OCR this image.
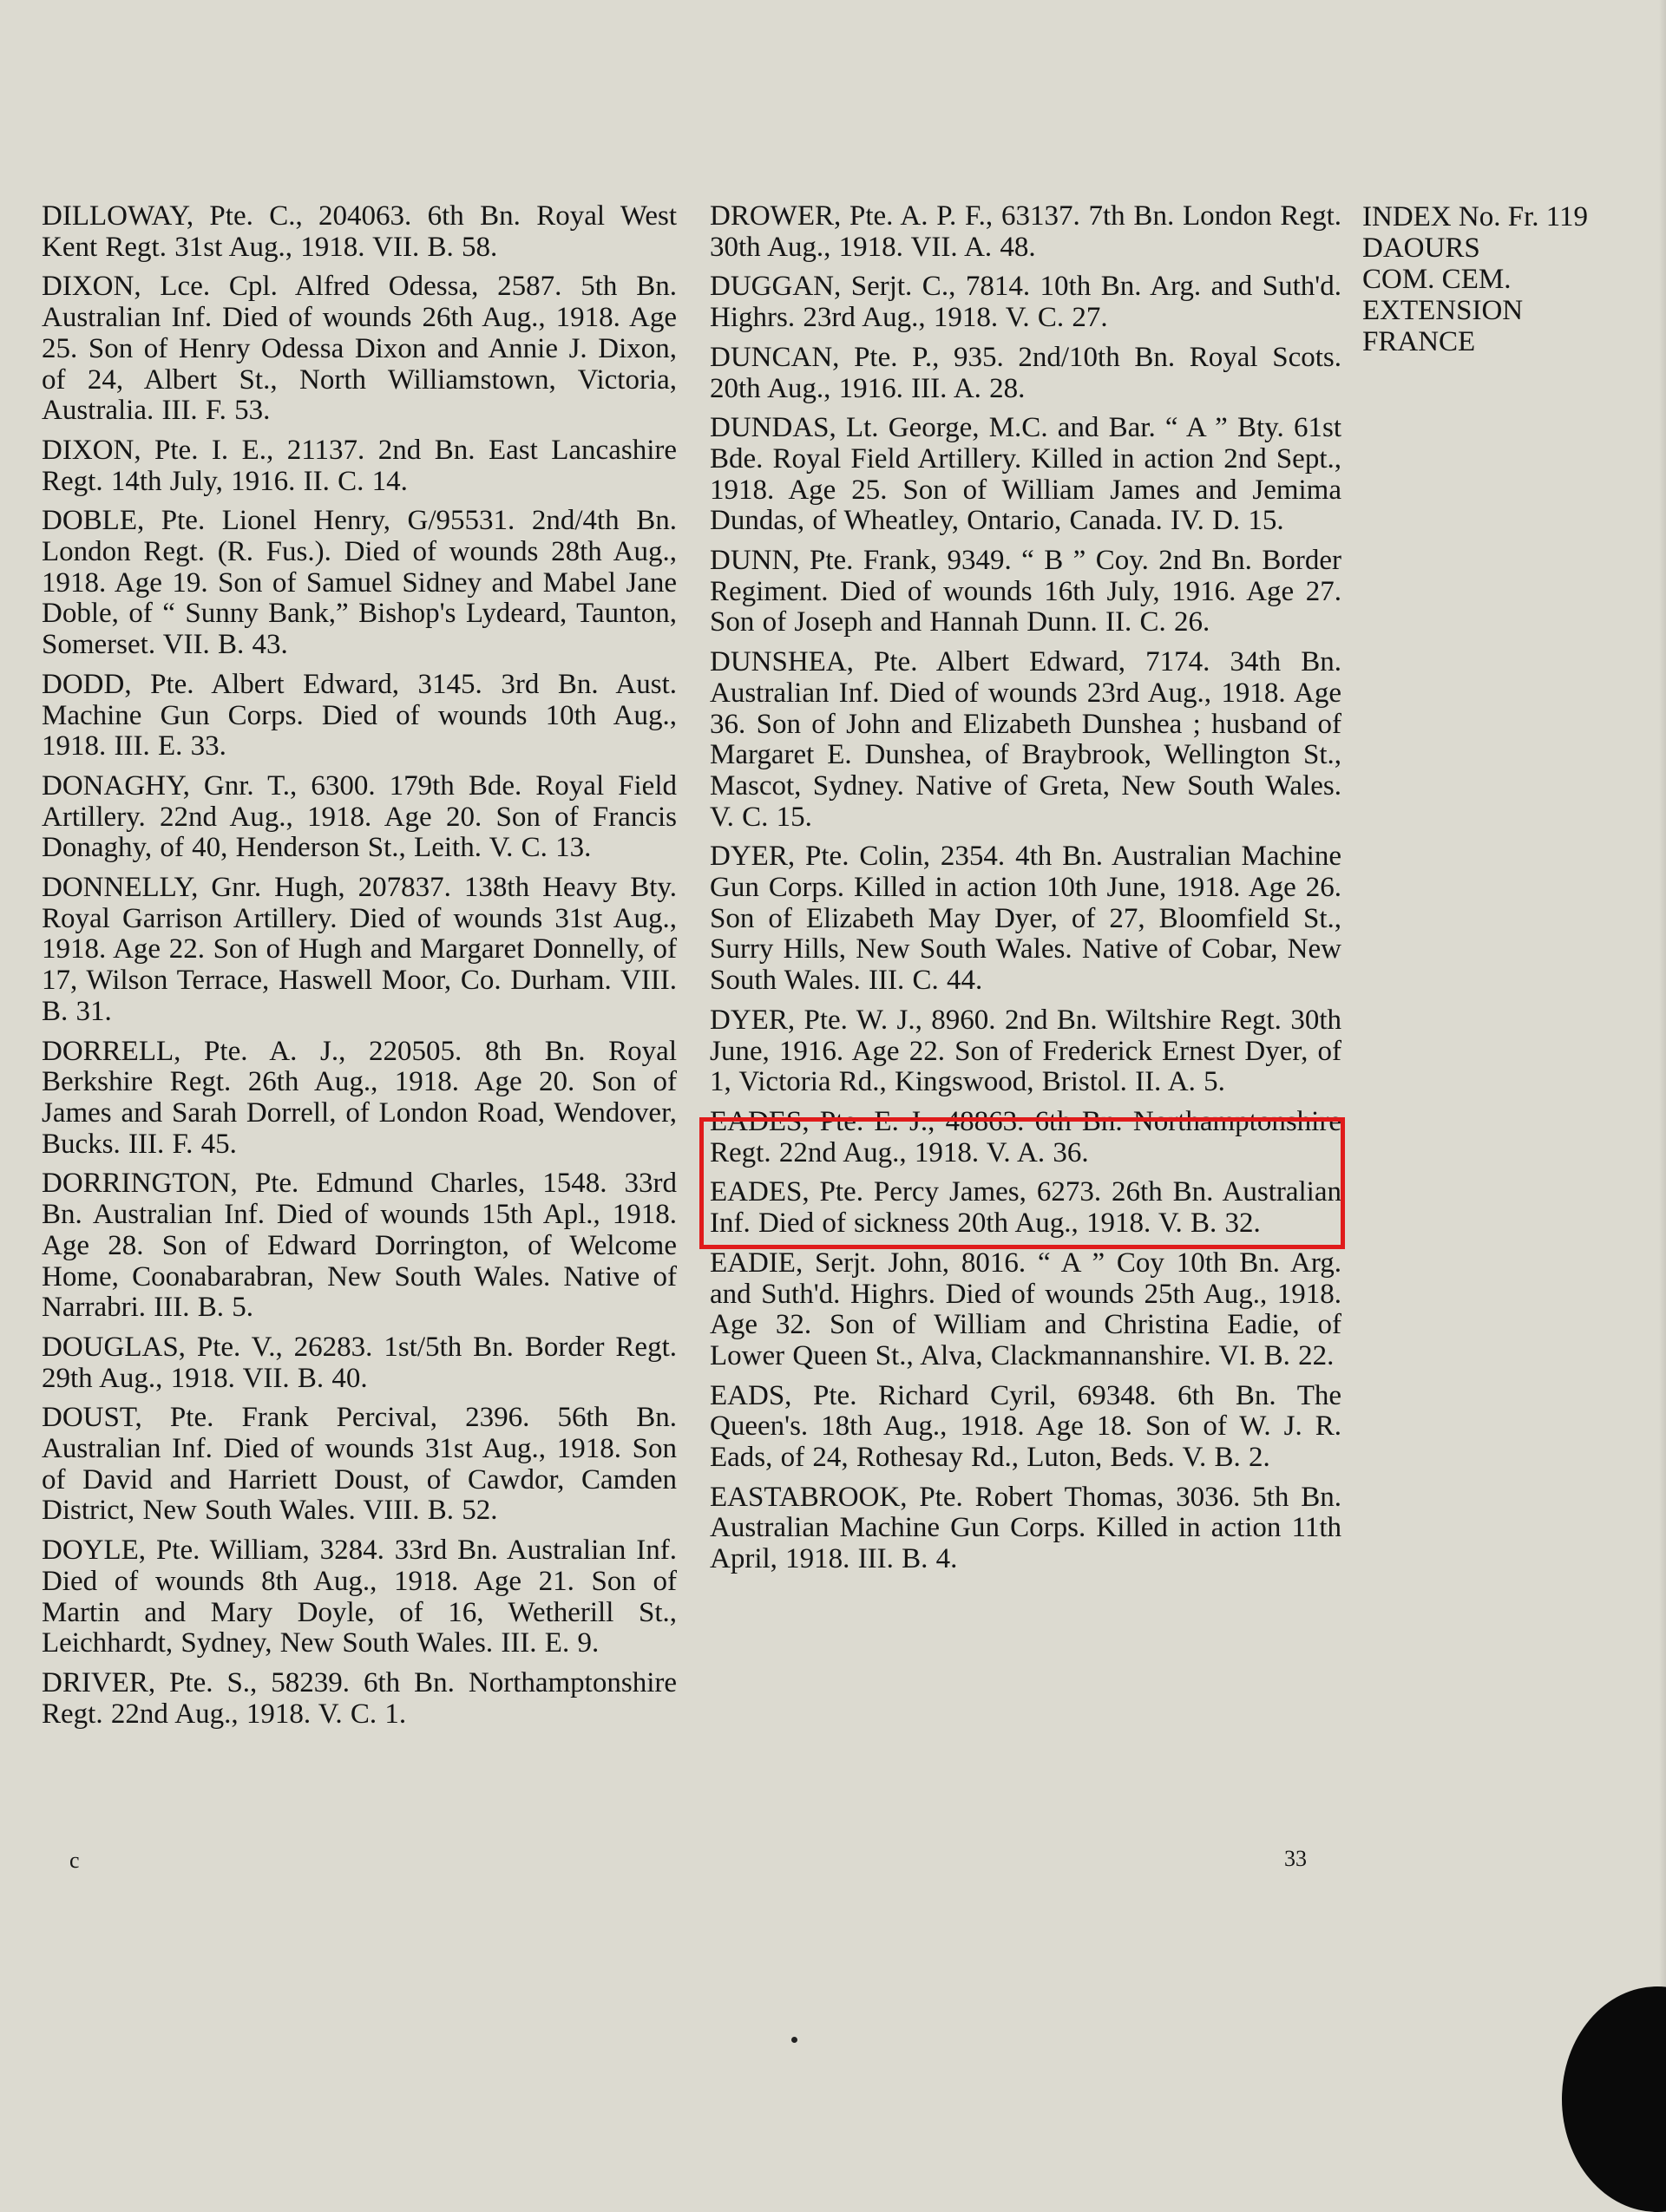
DILLOWAY, Pte. C., 204063. 6th Bn. Royal West Kent Regt. 31st Aug., 1918. VII. B. 58.

DIXON, Lce. Cpl. Alfred Odessa, 2587. 5th Bn. Australian Inf. Died of wounds 26th Aug., 1918. Age 25. Son of Henry Odessa Dixon and Annie J. Dixon, of 24, Albert St., North Williamstown, Victoria, Australia. III. F. 53.

DIXON, Pte. I. E., 21137. 2nd Bn. East Lancashire Regt. 14th July, 1916. II. C. 14.

DOBLE, Pte. Lionel Henry, G/95531. 2nd/4th Bn. London Regt. (R. Fus.). Died of wounds 28th Aug., 1918. Age 19. Son of Samuel Sidney and Mabel Jane Doble, of “ Sunny Bank,” Bishop's Lydeard, Taunton, Somerset. VII. B. 43.

DODD, Pte. Albert Edward, 3145. 3rd Bn. Aust. Machine Gun Corps. Died of wounds 10th Aug., 1918. III. E. 33.

DONAGHY, Gnr. T., 6300. 179th Bde. Royal Field Artillery. 22nd Aug., 1918. Age 20. Son of Francis Donaghy, of 40, Henderson St., Leith. V. C. 13.

DONNELLY, Gnr. Hugh, 207837. 138th Heavy Bty. Royal Garrison Artillery. Died of wounds 31st Aug., 1918. Age 22. Son of Hugh and Margaret Donnelly, of 17, Wilson Terrace, Haswell Moor, Co. Durham. VIII. B. 31.

DORRELL, Pte. A. J., 220505. 8th Bn. Royal Berkshire Regt. 26th Aug., 1918. Age 20. Son of James and Sarah Dorrell, of London Road, Wendover, Bucks. III. F. 45.

DORRINGTON, Pte. Edmund Charles, 1548. 33rd Bn. Australian Inf. Died of wounds 15th Apl., 1918. Age 28. Son of Edward Dorrington, of Welcome Home, Coonabarabran, New South Wales. Native of Narrabri. III. B. 5.

DOUGLAS, Pte. V., 26283. 1st/5th Bn. Border Regt. 29th Aug., 1918. VII. B. 40.

DOUST, Pte. Frank Percival, 2396. 56th Bn. Australian Inf. Died of wounds 31st Aug., 1918. Son of David and Harriett Doust, of Cawdor, Camden District, New South Wales. VIII. B. 52.

DOYLE, Pte. William, 3284. 33rd Bn. Australian Inf. Died of wounds 8th Aug., 1918. Age 21. Son of Martin and Mary Doyle, of 16, Wetherill St., Leichhardt, Sydney, New South Wales. III. E. 9.

DRIVER, Pte. S., 58239. 6th Bn. Northamptonshire Regt. 22nd Aug., 1918. V. C. 1.

DROWER, Pte. A. P. F., 63137. 7th Bn. London Regt. 30th Aug., 1918. VII. A. 48.

DUGGAN, Serjt. C., 7814. 10th Bn. Arg. and Suth'd. Highrs. 23rd Aug., 1918. V. C. 27.

DUNCAN, Pte. P., 935. 2nd/10th Bn. Royal Scots. 20th Aug., 1916. III. A. 28.

DUNDAS, Lt. George, M.C. and Bar. “ A ” Bty. 61st Bde. Royal Field Artillery. Killed in action 2nd Sept., 1918. Age 25. Son of William James and Jemima Dundas, of Wheatley, Ontario, Canada. IV. D. 15.

DUNN, Pte. Frank, 9349. “ B ” Coy. 2nd Bn. Border Regiment. Died of wounds 16th July, 1916. Age 27. Son of Joseph and Hannah Dunn. II. C. 26.

DUNSHEA, Pte. Albert Edward, 7174. 34th Bn. Australian Inf. Died of wounds 23rd Aug., 1918. Age 36. Son of John and Elizabeth Dunshea ; husband of Margaret E. Dunshea, of Braybrook, Wellington St., Mascot, Sydney. Native of Greta, New South Wales. V. C. 15.

DYER, Pte. Colin, 2354. 4th Bn. Australian Machine Gun Corps. Killed in action 10th June, 1918. Age 26. Son of Elizabeth May Dyer, of 27, Bloomfield St., Surry Hills, New South Wales. Native of Cobar, New South Wales. III. C. 44.

DYER, Pte. W. J., 8960. 2nd Bn. Wiltshire Regt. 30th June, 1916. Age 22. Son of Frederick Ernest Dyer, of 1, Victoria Rd., Kingswood, Bristol. II. A. 5.

EADES, Pte. E. J., 48863. 6th Bn. Northamptonshire Regt. 22nd Aug., 1918. V. A. 36.

EADES, Pte. Percy James, 6273. 26th Bn. Australian Inf. Died of sickness 20th Aug., 1918. V. B. 32.

EADIE, Serjt. John, 8016. “ A ” Coy 10th Bn. Arg. and Suth'd. Highrs. Died of wounds 25th Aug., 1918. Age 32. Son of William and Christina Eadie, of Lower Queen St., Alva, Clackmannanshire. VI. B. 22.

EADS, Pte. Richard Cyril, 69348. 6th Bn. The Queen's. 18th Aug., 1918. Age 18. Son of W. J. R. Eads, of 24, Rothesay Rd., Luton, Beds. V. B. 2.

EASTABROOK, Pte. Robert Thomas, 3036. 5th Bn. Australian Machine Gun Corps. Killed in action 11th April, 1918. III. B. 4.

INDEX No. Fr. 119
DAOURS
COM. CEM.
EXTENSION
FRANCE
c	33
